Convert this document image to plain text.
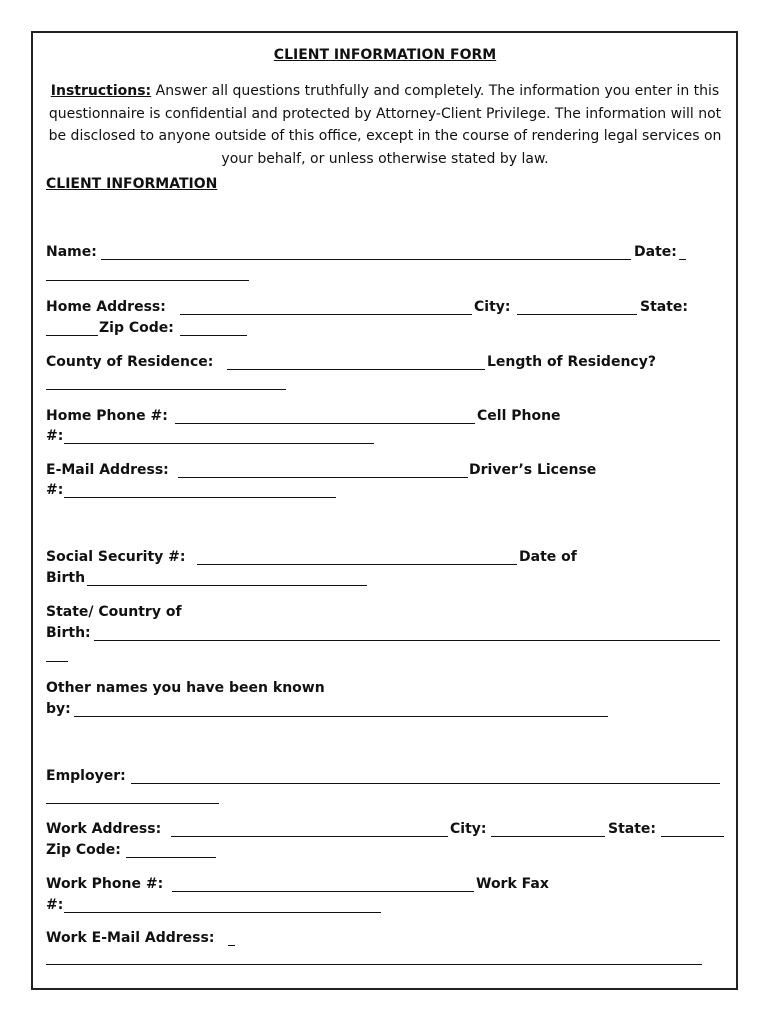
CLIENT INFORMATION FORM
Instructions: Answer all questions truthfully and completely. The information you enter in this questionnaire is confidential and protected by Attorney-Client Privilege. The information will not be disclosed to anyone outside of this office, except in the course of rendering legal services on your behalf, or unless otherwise stated by law.
CLIENT INFORMATION
Name:	Date:
Home Address:	City:	State:
Zip Code:
County of Residence:	Length of Residency?
Home Phone #:	Cell Phone
#:
E-Mail Address:	Driver’s License
#:
Social Security #:	Date of
Birth
State/ Country of
Birth:
Other names you have been known
by:
Employer:
Work Address:	City:	State:
Zip Code:
Work Phone #:	Work Fax
#:
Work E-Mail Address:
